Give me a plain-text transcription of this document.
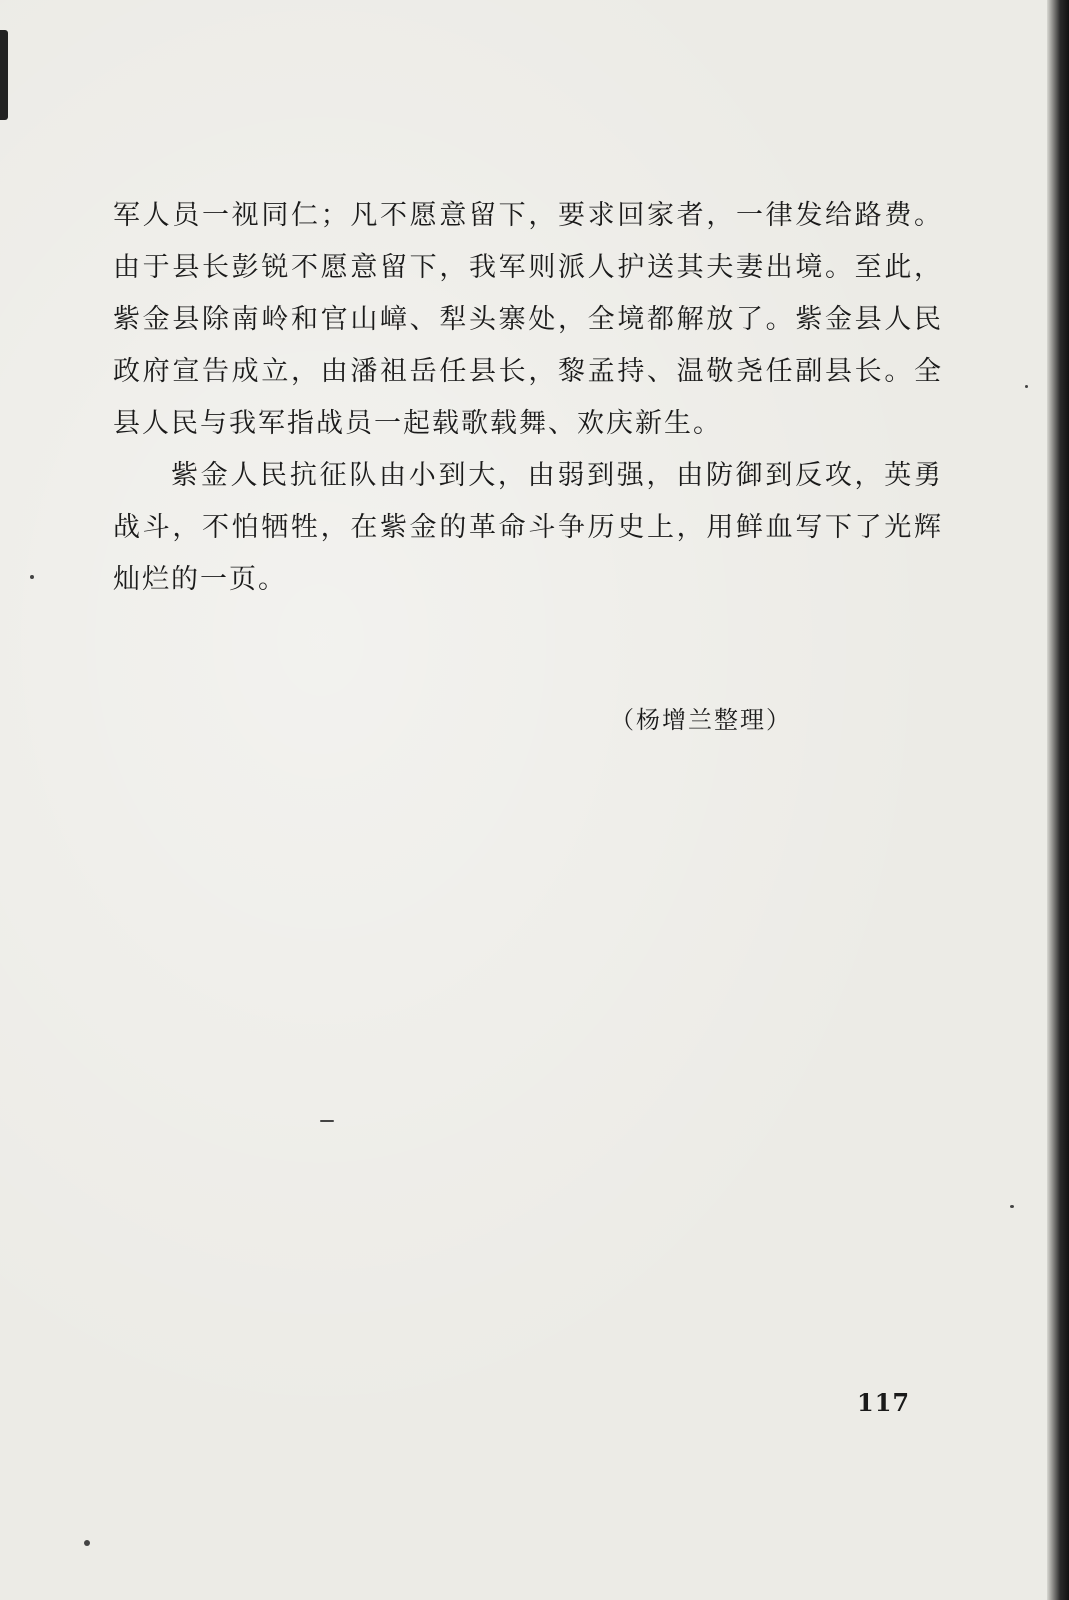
军人员一视同仁；凡不愿意留下，要求回家者，一律发给路费。由于县长彭锐不愿意留下，我军则派人护送其夫妻出境。至此，紫金县除南岭和官山嶂、犁头寨处，全境都解放了。紫金县人民政府宣告成立，由潘祖岳任县长，黎孟持、温敬尧任副县长。全县人民与我军指战员一起载歌载舞、欢庆新生。

紫金人民抗征队由小到大，由弱到强，由防御到反攻，英勇战斗，不怕牺牲，在紫金的革命斗争历史上，用鲜血写下了光辉灿烂的一页。

（杨增兰整理）
117
